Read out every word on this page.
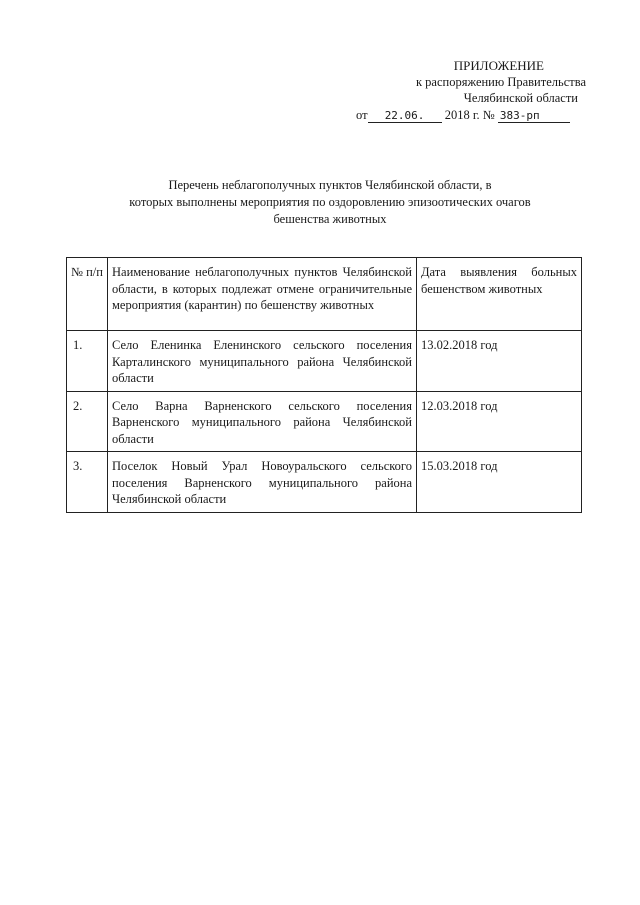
ПРИЛОЖЕНИЕ
к распоряжению Правительства
Челябинской области
от 22.06. 2018 г. № 383-рп
Перечень неблагополучных пунктов Челябинской области, в
которых выполнены мероприятия по оздоровлению эпизоотических очагов
бешенства животных
№ п/п	Наименование неблагополучных пунктов Челябинской области, в которых подлежат отмене ограничительные мероприятия (карантин) по бешенству животных	Дата выявления больных бешенством животных
1.	Село Еленинка Еленинского сельского поселения Карталинского муниципального района Челябинской области	13.02.2018 год
2.	Село Варна Варненского сельского поселения Варненского муниципального района Челябинской области	12.03.2018 год
3.	Поселок Новый Урал Новоуральского сельского поселения Варненского муниципального района Челябинской области	15.03.2018 год
